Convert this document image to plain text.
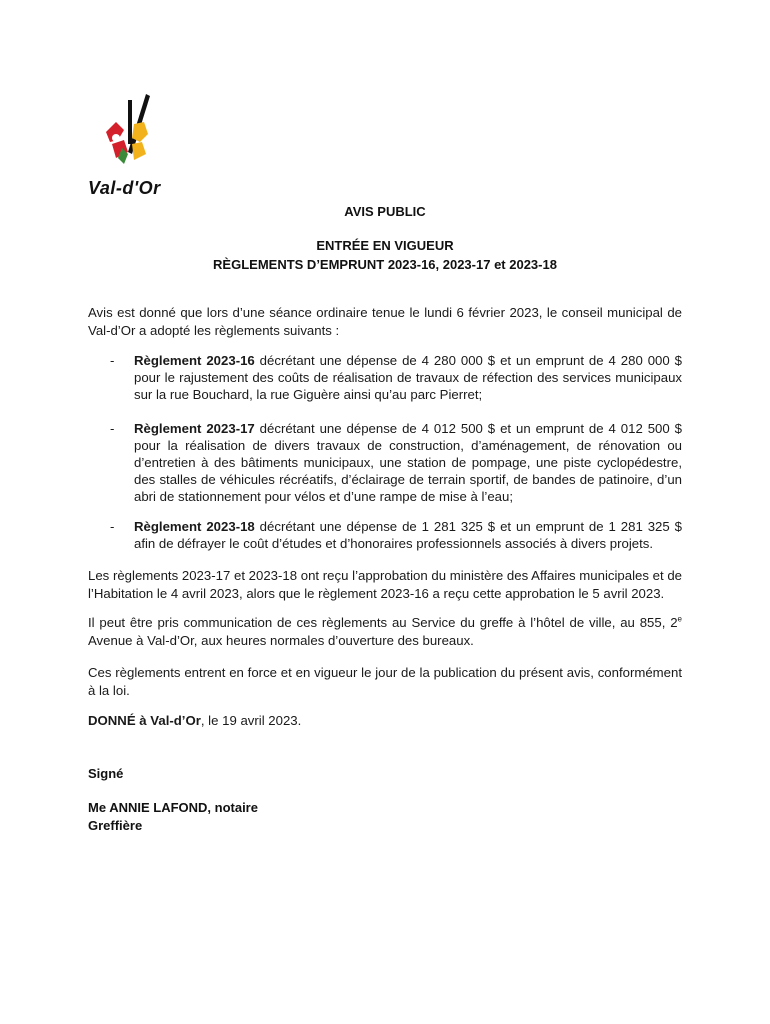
Val-d'Or
AVIS PUBLIC
ENTRÉE EN VIGUEUR
RÈGLEMENTS D’EMPRUNT 2023-16, 2023-17 et 2023-18
Avis est donné que lors d’une séance ordinaire tenue le lundi 6 février 2023, le conseil municipal de Val-d’Or a adopté les règlements suivants :
- Règlement 2023-16 décrétant une dépense de 4 280 000 $ et un emprunt de 4 280 000 $ pour le rajustement des coûts de réalisation de travaux de réfection des services municipaux sur la rue Bouchard, la rue Giguère ainsi qu’au parc Pierret;
- Règlement 2023-17 décrétant une dépense de 4 012 500 $ et un emprunt de 4 012 500 $ pour la réalisation de divers travaux de construction, d’aménagement, de rénovation ou d’entretien à des bâtiments municipaux, une station de pompage, une piste cyclopédestre, des stalles de véhicules récréatifs, d’éclairage de terrain sportif, de bandes de patinoire, d’un abri de stationnement pour vélos et d’une rampe de mise à l’eau;
- Règlement 2023-18 décrétant une dépense de 1 281 325 $ et un emprunt de 1 281 325 $ afin de défrayer le coût d’études et d’honoraires professionnels associés à divers projets.
Les règlements 2023-17 et 2023-18 ont reçu l’approbation du ministère des Affaires municipales et de l’Habitation le 4 avril 2023, alors que le règlement 2023-16 a reçu cette approbation le 5 avril 2023.
Il peut être pris communication de ces règlements au Service du greffe à l’hôtel de ville, au 855, 2e Avenue à Val-d’Or, aux heures normales d’ouverture des bureaux.
Ces règlements entrent en force et en vigueur le jour de la publication du présent avis, conformément à la loi.
DONNÉ à Val-d’Or, le 19 avril 2023.
Signé
Me ANNIE LAFOND, notaire
Greffière
